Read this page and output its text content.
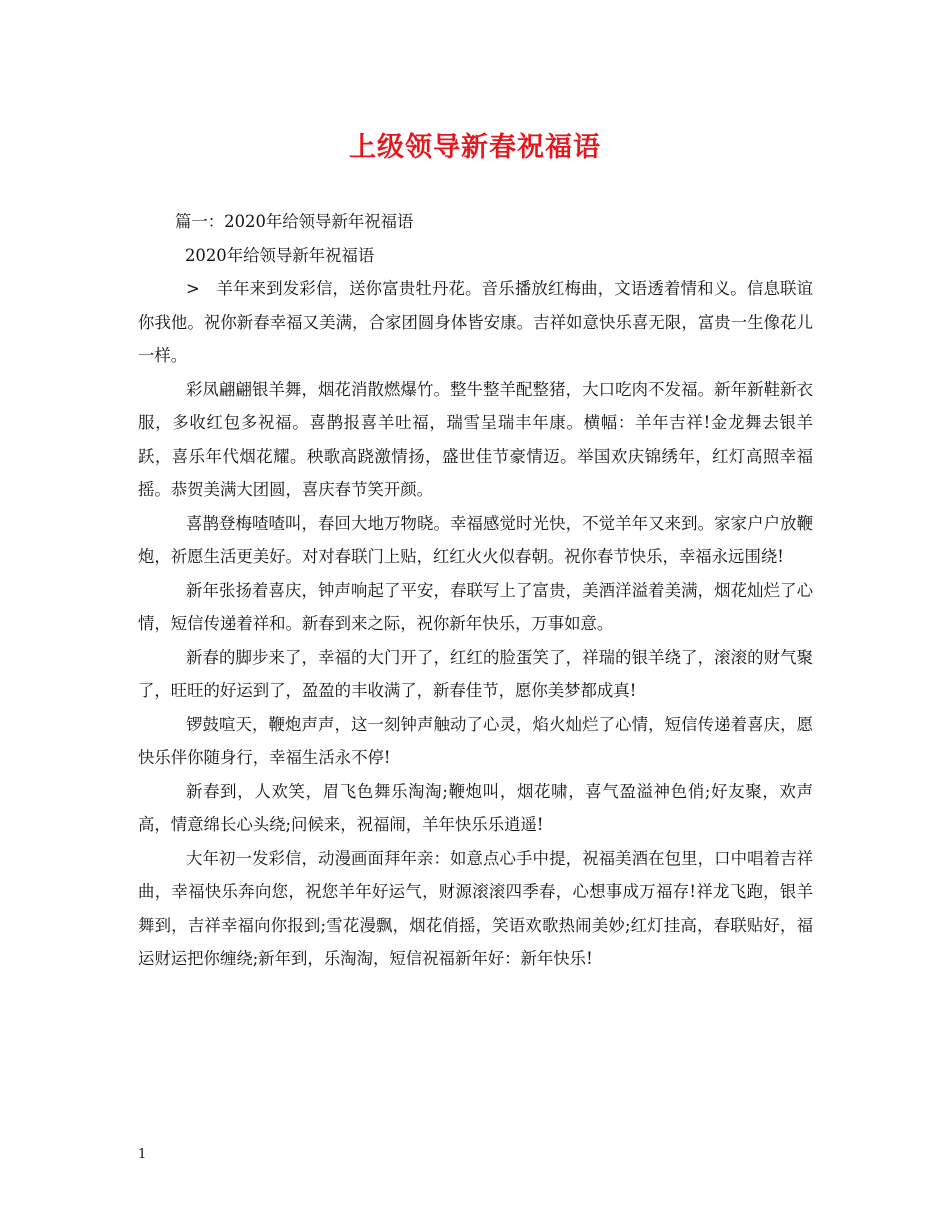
上级领导新春祝福语

篇一：2020年给领导新年祝福语

2020年给领导新年祝福语

>　羊年来到发彩信，送你富贵牡丹花。音乐播放红梅曲，文语透着情和义。信息联谊你我他。祝你新春幸福又美满，合家团圆身体皆安康。吉祥如意快乐喜无限，富贵一生像花儿一样。

彩凤翩翩银羊舞，烟花消散燃爆竹。整牛整羊配整猪，大口吃肉不发福。新年新鞋新衣服，多收红包多祝福。喜鹊报喜羊吐福，瑞雪呈瑞丰年康。横幅：羊年吉祥!金龙舞去银羊跃，喜乐年代烟花耀。秧歌高跷激情扬，盛世佳节豪情迈。举国欢庆锦绣年，红灯高照幸福摇。恭贺美满大团圆，喜庆春节笑开颜。

喜鹊登梅喳喳叫，春回大地万物晓。幸福感觉时光快，不觉羊年又来到。家家户户放鞭炮，祈愿生活更美好。对对春联门上贴，红红火火似春朝。祝你春节快乐，幸福永远围绕!

新年张扬着喜庆，钟声响起了平安，春联写上了富贵，美酒洋溢着美满，烟花灿烂了心情，短信传递着祥和。新春到来之际，祝你新年快乐，万事如意。

新春的脚步来了，幸福的大门开了，红红的脸蛋笑了，祥瑞的银羊绕了，滚滚的财气聚了，旺旺的好运到了，盈盈的丰收满了，新春佳节，愿你美梦都成真!

锣鼓喧天，鞭炮声声，这一刻钟声触动了心灵，焰火灿烂了心情，短信传递着喜庆，愿快乐伴你随身行，幸福生活永不停!

新春到，人欢笑，眉飞色舞乐淘淘;鞭炮叫，烟花啸，喜气盈溢神色俏;好友聚，欢声高，情意绵长心头绕;问候来，祝福闹，羊年快乐乐逍遥!

大年初一发彩信，动漫画面拜年亲：如意点心手中提，祝福美酒在包里，口中唱着吉祥曲，幸福快乐奔向您，祝您羊年好运气，财源滚滚四季春，心想事成万福存!祥龙飞跑，银羊舞到，吉祥幸福向你报到;雪花漫飘，烟花俏摇，笑语欢歌热闹美妙;红灯挂高，春联贴好，福运财运把你缠绕;新年到，乐淘淘，短信祝福新年好：新年快乐!

1
